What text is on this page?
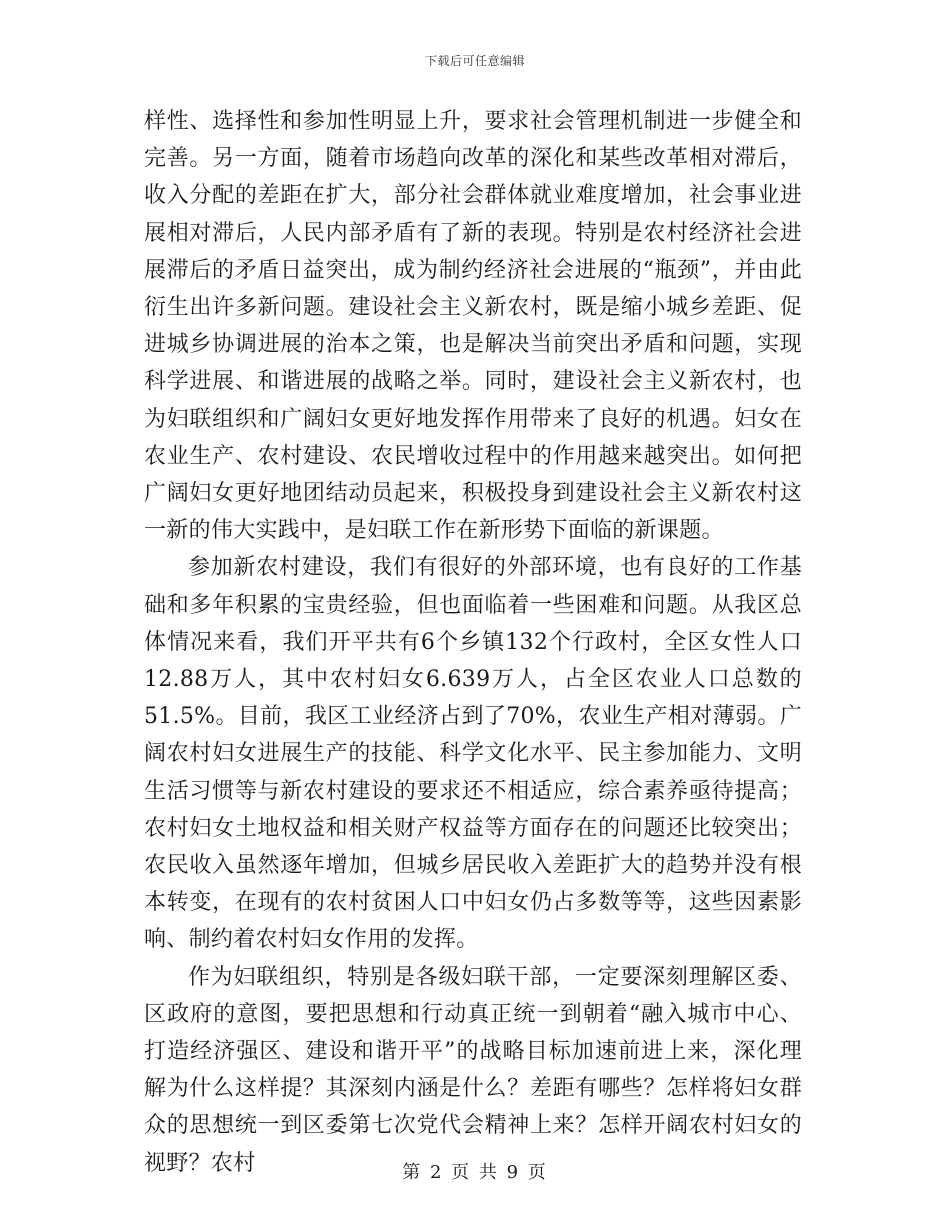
下载后可任意编辑

样性、选择性和参加性明显上升，要求社会管理机制进一步健全和完善。另一方面，随着市场趋向改革的深化和某些改革相对滞后，收入分配的差距在扩大，部分社会群体就业难度增加，社会事业进展相对滞后，人民内部矛盾有了新的表现。特别是农村经济社会进展滞后的矛盾日益突出，成为制约经济社会进展的“瓶颈”，并由此衍生出许多新问题。建设社会主义新农村，既是缩小城乡差距、促进城乡协调进展的治本之策，也是解决当前突出矛盾和问题，实现科学进展、和谐进展的战略之举。同时，建设社会主义新农村，也为妇联组织和广阔妇女更好地发挥作用带来了良好的机遇。妇女在农业生产、农村建设、农民增收过程中的作用越来越突出。如何把广阔妇女更好地团结动员起来，积极投身到建设社会主义新农村这一新的伟大实践中，是妇联工作在新形势下面临的新课题。

参加新农村建设，我们有很好的外部环境，也有良好的工作基础和多年积累的宝贵经验，但也面临着一些困难和问题。从我区总体情况来看，我们开平共有6个乡镇132个行政村，全区女性人口12.88万人，其中农村妇女6.639万人，占全区农业人口总数的51.5%。目前，我区工业经济占到了70%，农业生产相对薄弱。广阔农村妇女进展生产的技能、科学文化水平、民主参加能力、文明生活习惯等与新农村建设的要求还不相适应，综合素养亟待提高；农村妇女土地权益和相关财产权益等方面存在的问题还比较突出；农民收入虽然逐年增加，但城乡居民收入差距扩大的趋势并没有根本转变，在现有的农村贫困人口中妇女仍占多数等等，这些因素影响、制约着农村妇女作用的发挥。

作为妇联组织，特别是各级妇联干部，一定要深刻理解区委、区政府的意图，要把思想和行动真正统一到朝着“融入城市中心、打造经济强区、建设和谐开平”的战略目标加速前进上来，深化理解为什么这样提？其深刻内涵是什么？差距有哪些？怎样将妇女群众的思想统一到区委第七次党代会精神上来？怎样开阔农村妇女的视野？农村	第 2 页 共 9 页
